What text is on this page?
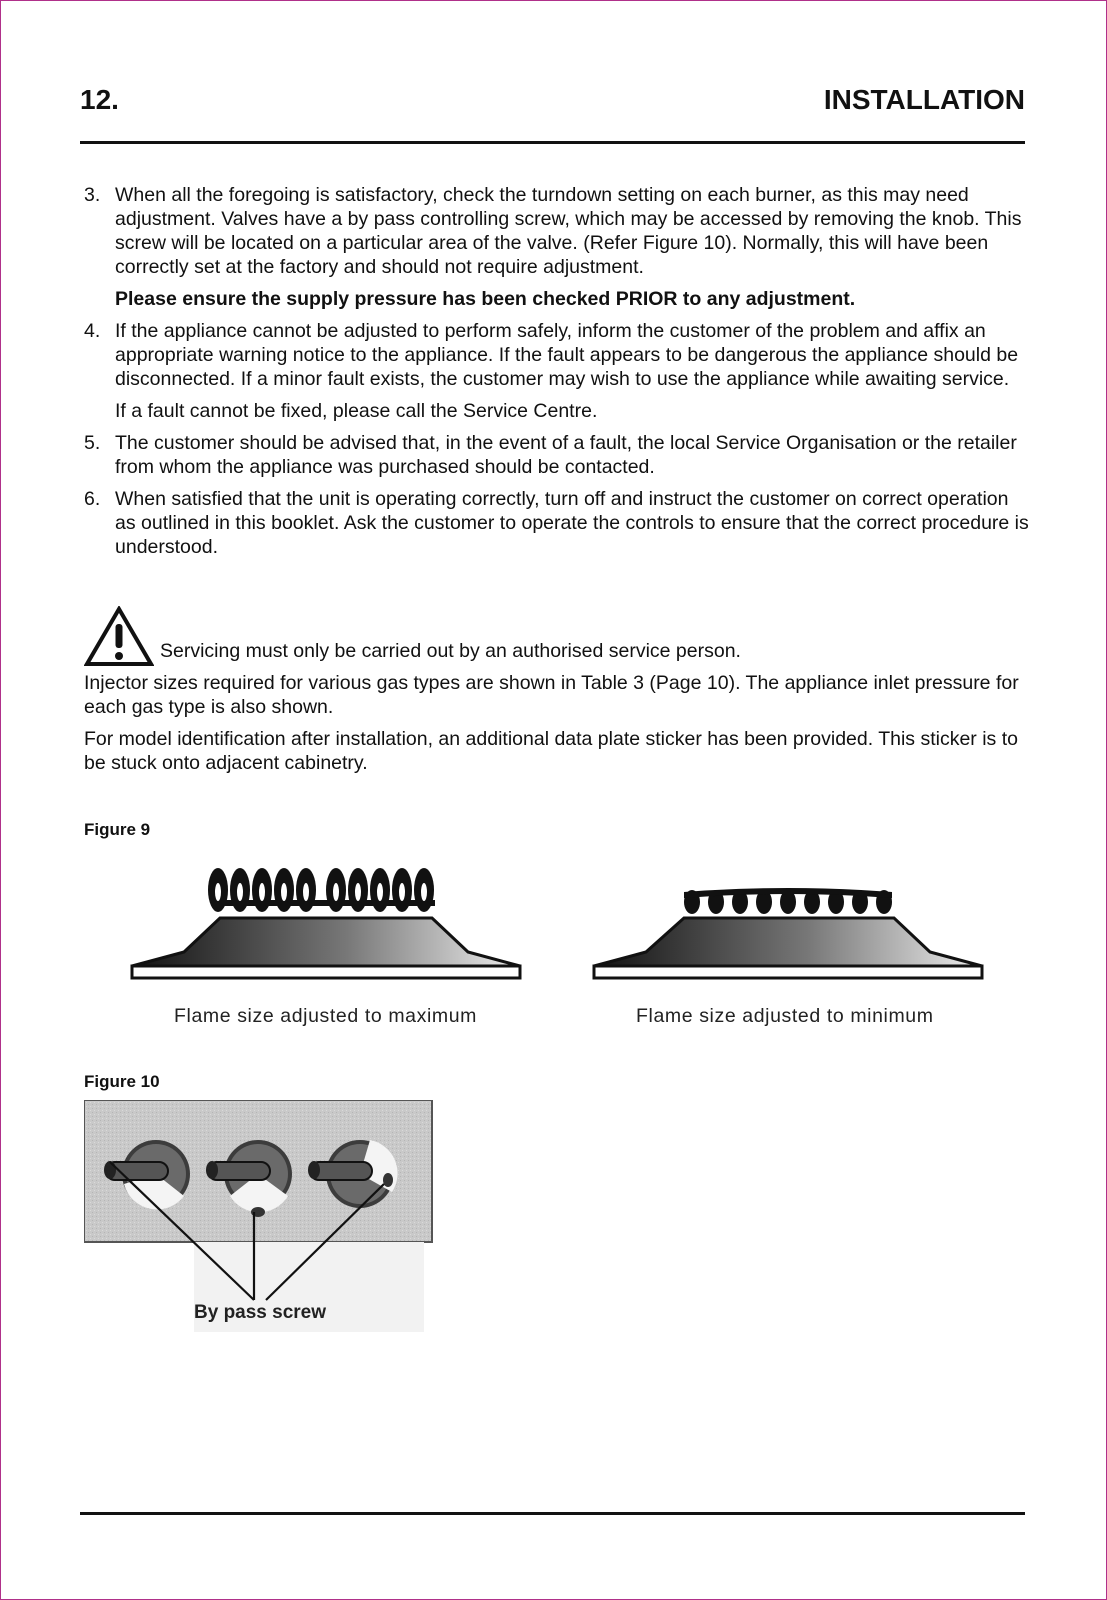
12.	INSTALLATION
3. When all the foregoing is satisfactory, check the turndown setting on each burner, as this may need adjustment. Valves have a by pass controlling screw, which may be accessed by removing the knob. This screw will be located on a particular area of the valve. (Refer Figure 10). Normally, this will have been correctly set at the factory and should not require adjustment.
Please ensure the supply pressure has been checked PRIOR to any adjustment.
4. If the appliance cannot be adjusted to perform safely, inform the customer of the problem and affix an appropriate warning notice to the appliance. If the fault appears to be dangerous the appliance should be disconnected. If a minor fault exists, the customer may wish to use the appliance while awaiting service.
If a fault cannot be fixed, please call the Service Centre.
5. The customer should be advised that, in the event of a fault, the local Service Organisation or the retailer from whom the appliance was purchased should be contacted.
6. When satisfied that the unit is operating correctly, turn off and instruct the customer on correct operation as outlined in this booklet. Ask the customer to operate the controls to ensure that the correct procedure is understood.
Servicing must only be carried out by an authorised service person.
Injector sizes required for various gas types are shown in Table 3 (Page 10). The appliance inlet pressure for each gas type is also shown.
For model identification after installation, an additional data plate sticker has been provided. This sticker is to be stuck onto adjacent cabinetry.
Figure 9
Flame size adjusted to maximum	Flame size adjusted to minimum
Figure 10
By pass screw
